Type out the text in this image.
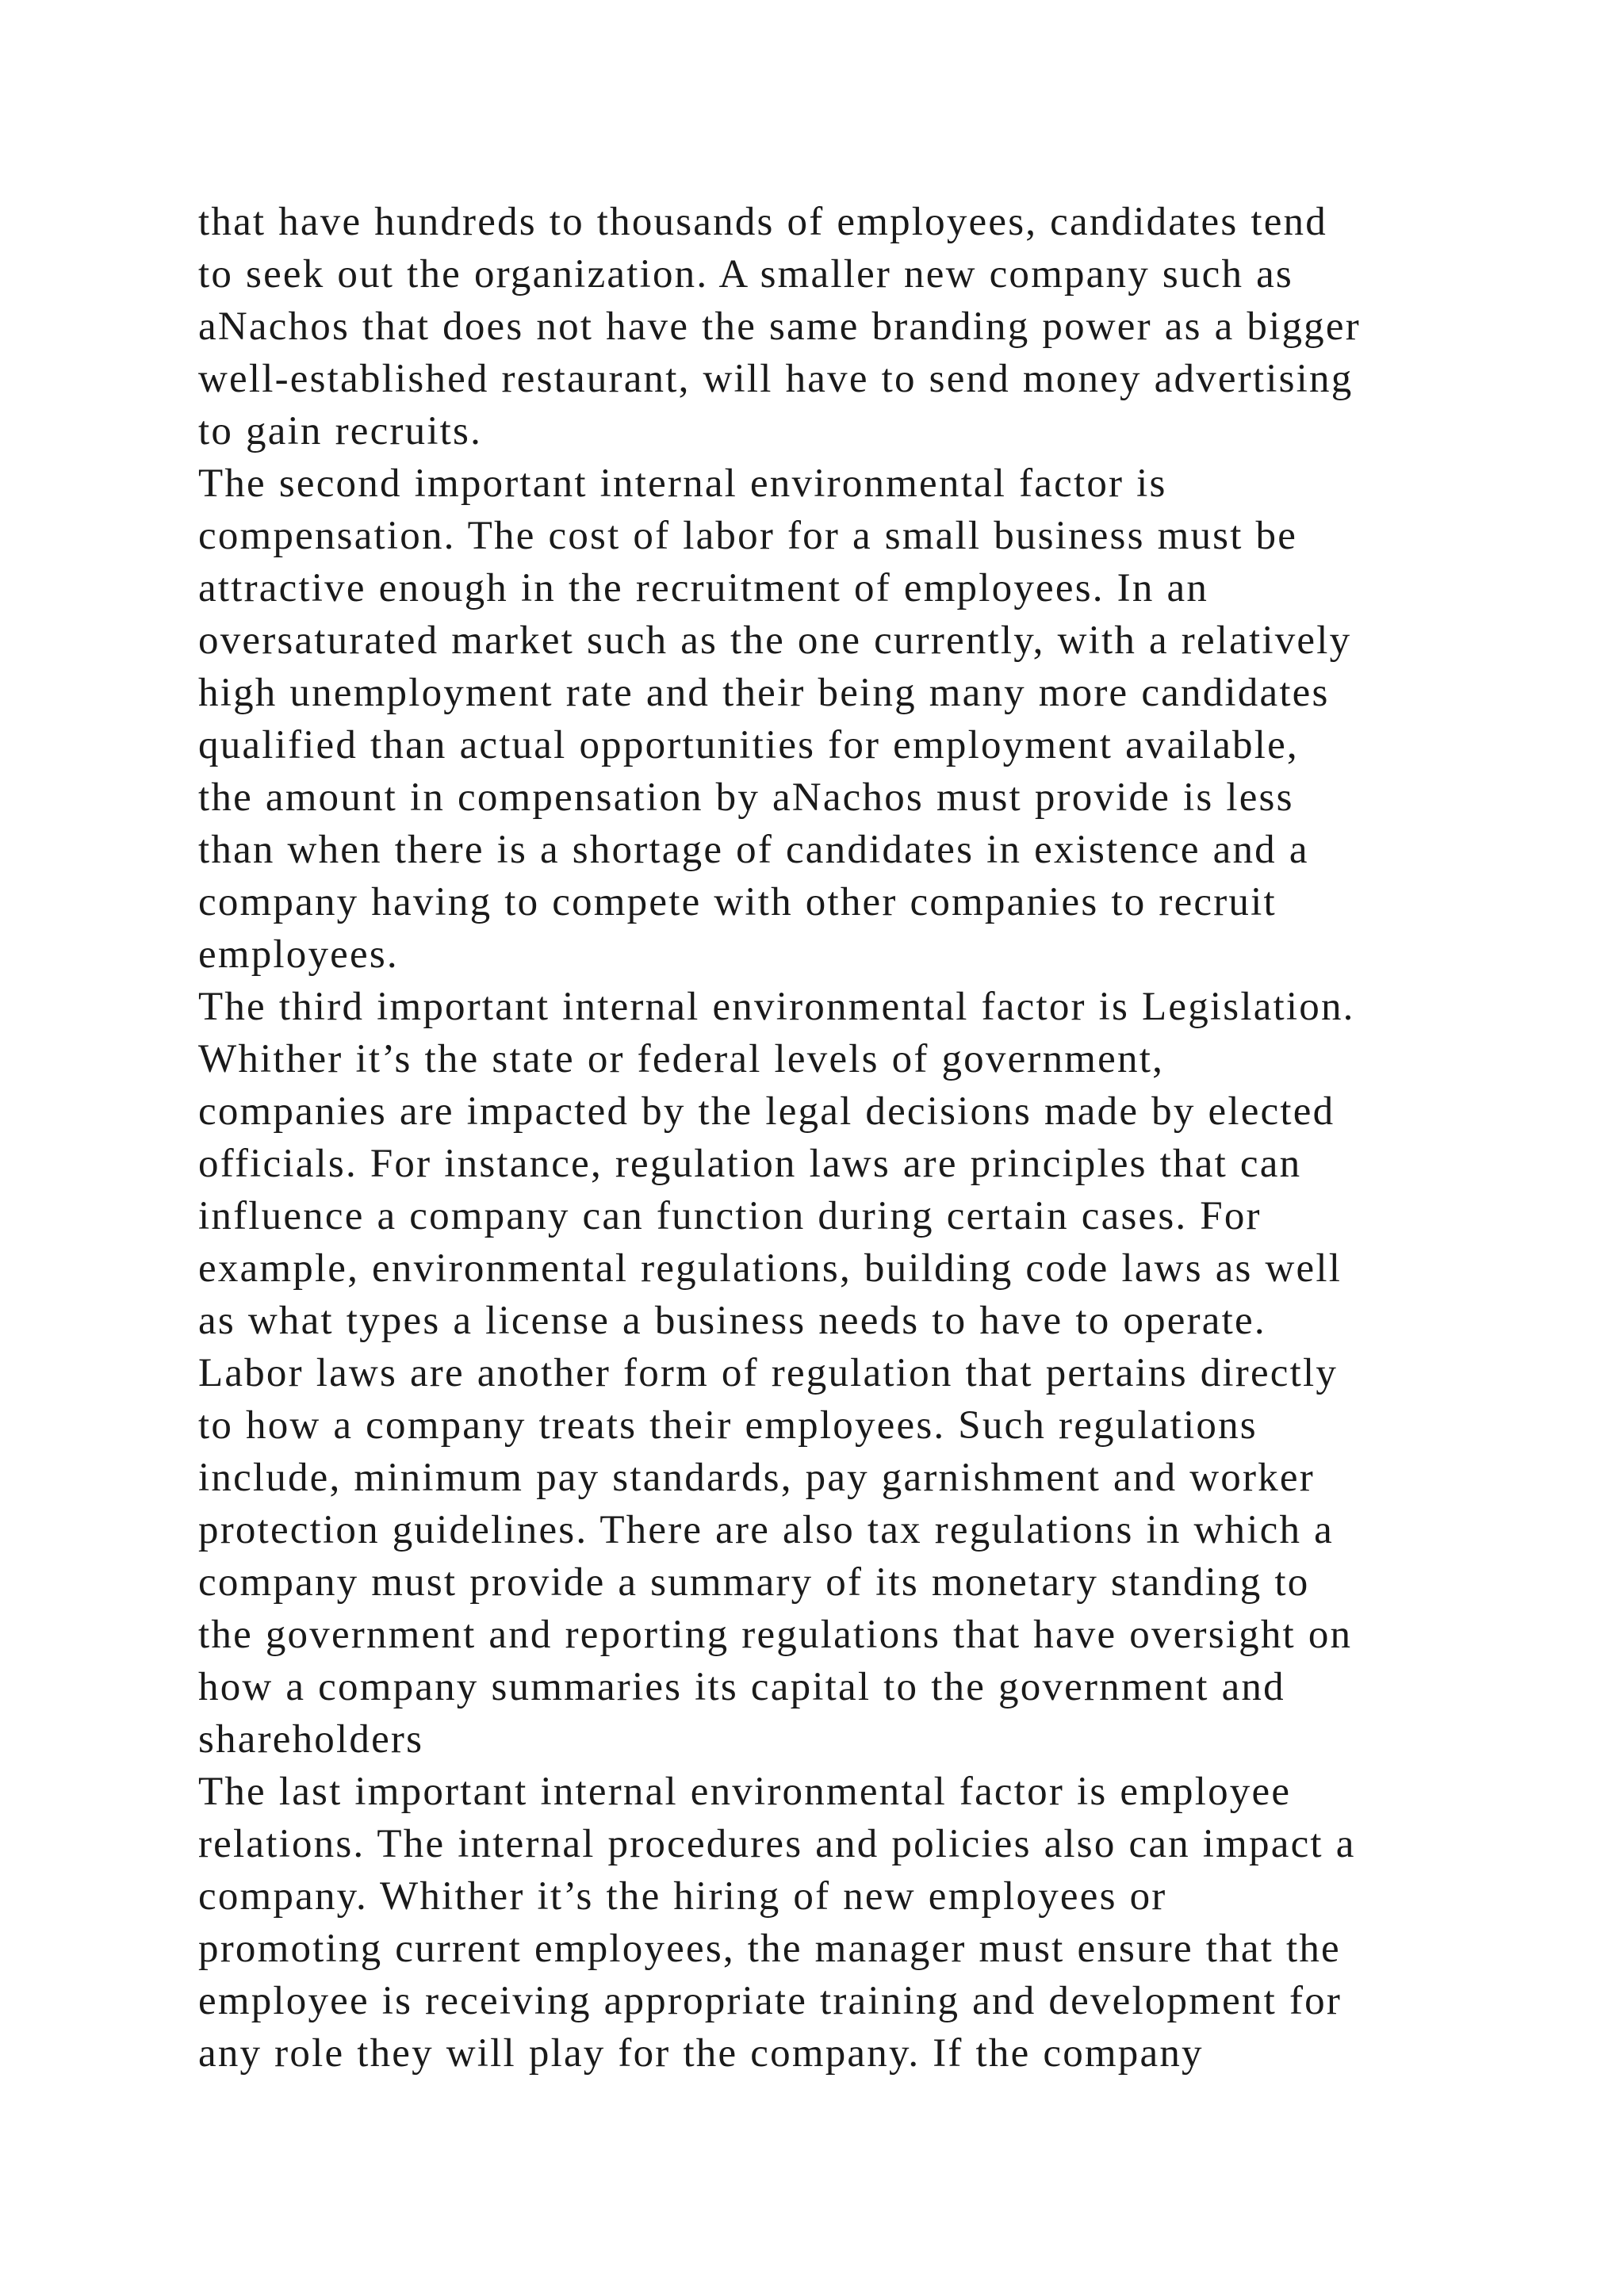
that have hundreds to thousands of employees, candidates tend
to seek out the organization. A smaller new company such as
aNachos that does not have the same branding power as a bigger
well-established restaurant, will have to send money advertising
to gain recruits.
The second important internal environmental factor is
compensation. The cost of labor for a small business must be
attractive enough in the recruitment of employees. In an
oversaturated market such as the one currently, with a relatively
high unemployment rate and their being many more candidates
qualified than actual opportunities for employment available,
the amount in compensation by aNachos must provide is less
than when there is a shortage of candidates in existence and a
company having to compete with other companies to recruit
employees.
The third important internal environmental factor is Legislation.
Whither it’s the state or federal levels of government,
companies are impacted by the legal decisions made by elected
officials. For instance, regulation laws are principles that can
influence a company can function during certain cases. For
example, environmental regulations, building code laws as well
as what types a license a business needs to have to operate.
Labor laws are another form of regulation that pertains directly
to how a company treats their employees. Such regulations
include, minimum pay standards, pay garnishment and worker
protection guidelines. There are also tax regulations in which a
company must provide a summary of its monetary standing to
the government and reporting regulations that have oversight on
how a company summaries its capital to the government and
shareholders
The last important internal environmental factor is employee
relations. The internal procedures and policies also can impact a
company. Whither it’s the hiring of new employees or
promoting current employees, the manager must ensure that the
employee is receiving appropriate training and development for
any role they will play for the company. If the company
